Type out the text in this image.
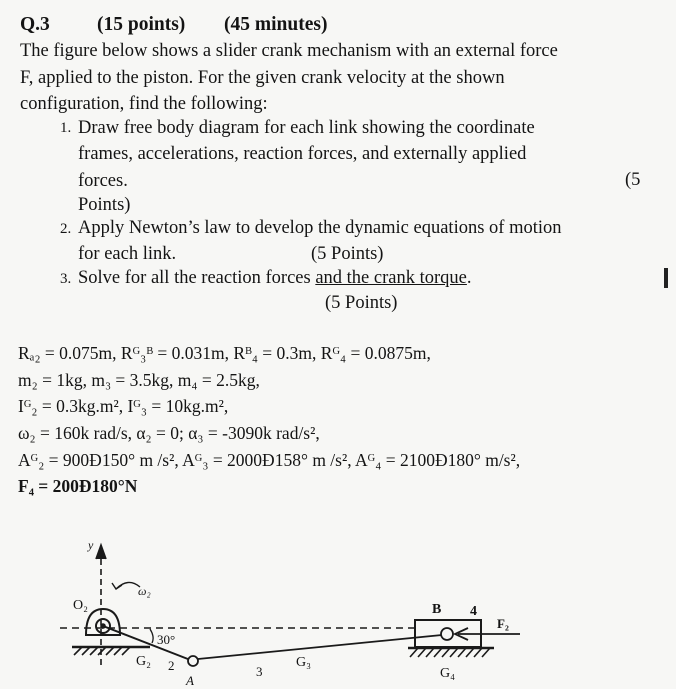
Q.3 (15 points) (45 minutes)
The figure below shows a slider crank mechanism with an external force
F, applied to the piston. For the given crank velocity at the shown
configuration, find the following:
1. Draw free body diagram for each link showing the coordinate
frames, accelerations, reaction forces, and externally applied
forces.	(5
Points)
2. Apply Newton’s law to develop the dynamic equations of motion
for each link.	(5 Points)
3. Solve for all the reaction forces and the crank torque.
(5 Points)
Rₐ₂ = 0.075m, Rᴳ₃ᴮ = 0.031m, Rᴮ₄ = 0.3m, Rᴳ₄ = 0.0875m,
m₂ = 1kg, m₃ = 3.5kg, m₄ = 2.5kg,
Iᴳ₂ = 0.3kg.m², Iᴳ₃ = 10kg.m²,
ω₂ = 160k rad/s, α₂ = 0; α₃ = -3090k rad/s²,
Aᴳ₂ = 900Đ150° m /s², Aᴳ₃ = 2000Đ158° m /s², Aᴳ₄ = 2100Đ180° m/s²,
F₄ = 200Đ180°N
y
ω₂
O₂
30°
G₂ 2
A
3
G₃
B 4
F₂
G₄
